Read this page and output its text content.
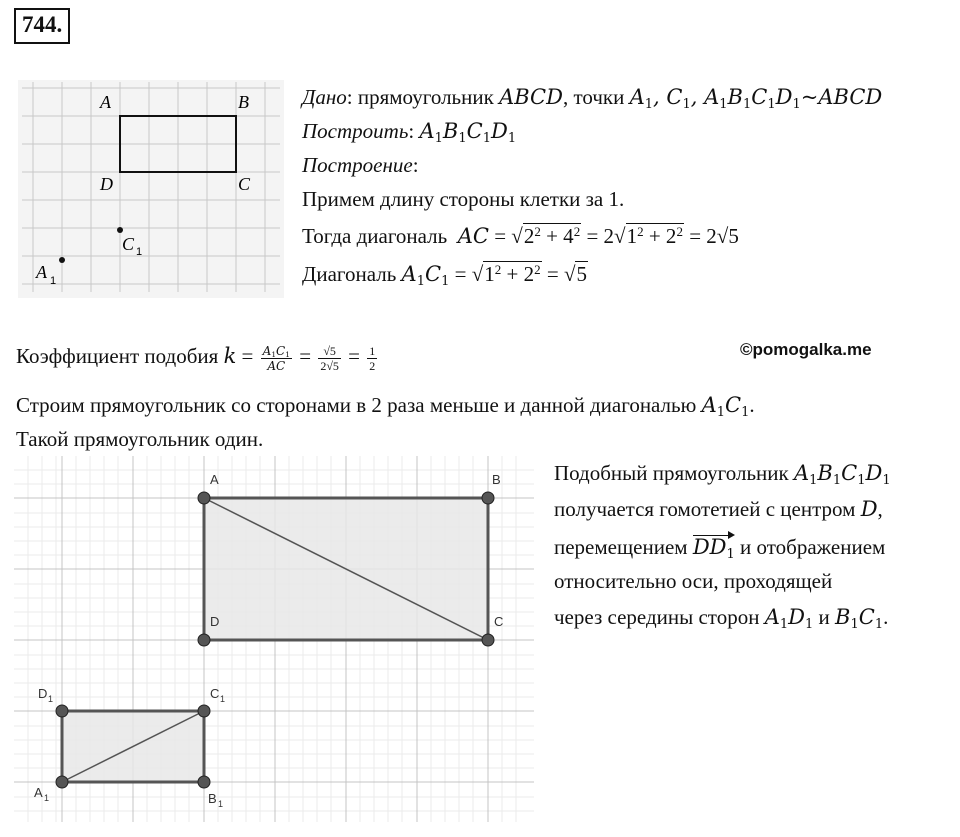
744.
A	B
D	C
C 1
A 1
Дано: прямоугольник ABCD, точки $A_1$, $C_1$, $A_1B_1C_1D_1\sim ABCD$
Построить: $A_1B_1C_1D_1$
Построение:
Примем длину стороны клетки за 1.
Тогда диагональ AC = $√2^2 + 4^2 = 2√1^2 + 2^2 = 2√5$
Диагональ $A_1C_1 = √1^2 + 2^2 = √5$
Коэффициент подобия $k = \frac{A_1C_1}{AC} = \frac{√5}{2√5} = \frac{1}{2}$	©pomogalka.me
Строим прямоугольник со сторонами в 2 раза меньше и данной диагональю $A_1C_1$.
Такой прямоугольник один.
A	B
C
D
D 1	C 1
A 1	B 1
Подобный прямоугольник $A_1B_1C_1D_1$
получается гомотетией с центром D,
перемещением $DD_1$ и отображением
относительно оси, проходящей
через середины сторон $A_1D_1$ и $B_1C_1$.
